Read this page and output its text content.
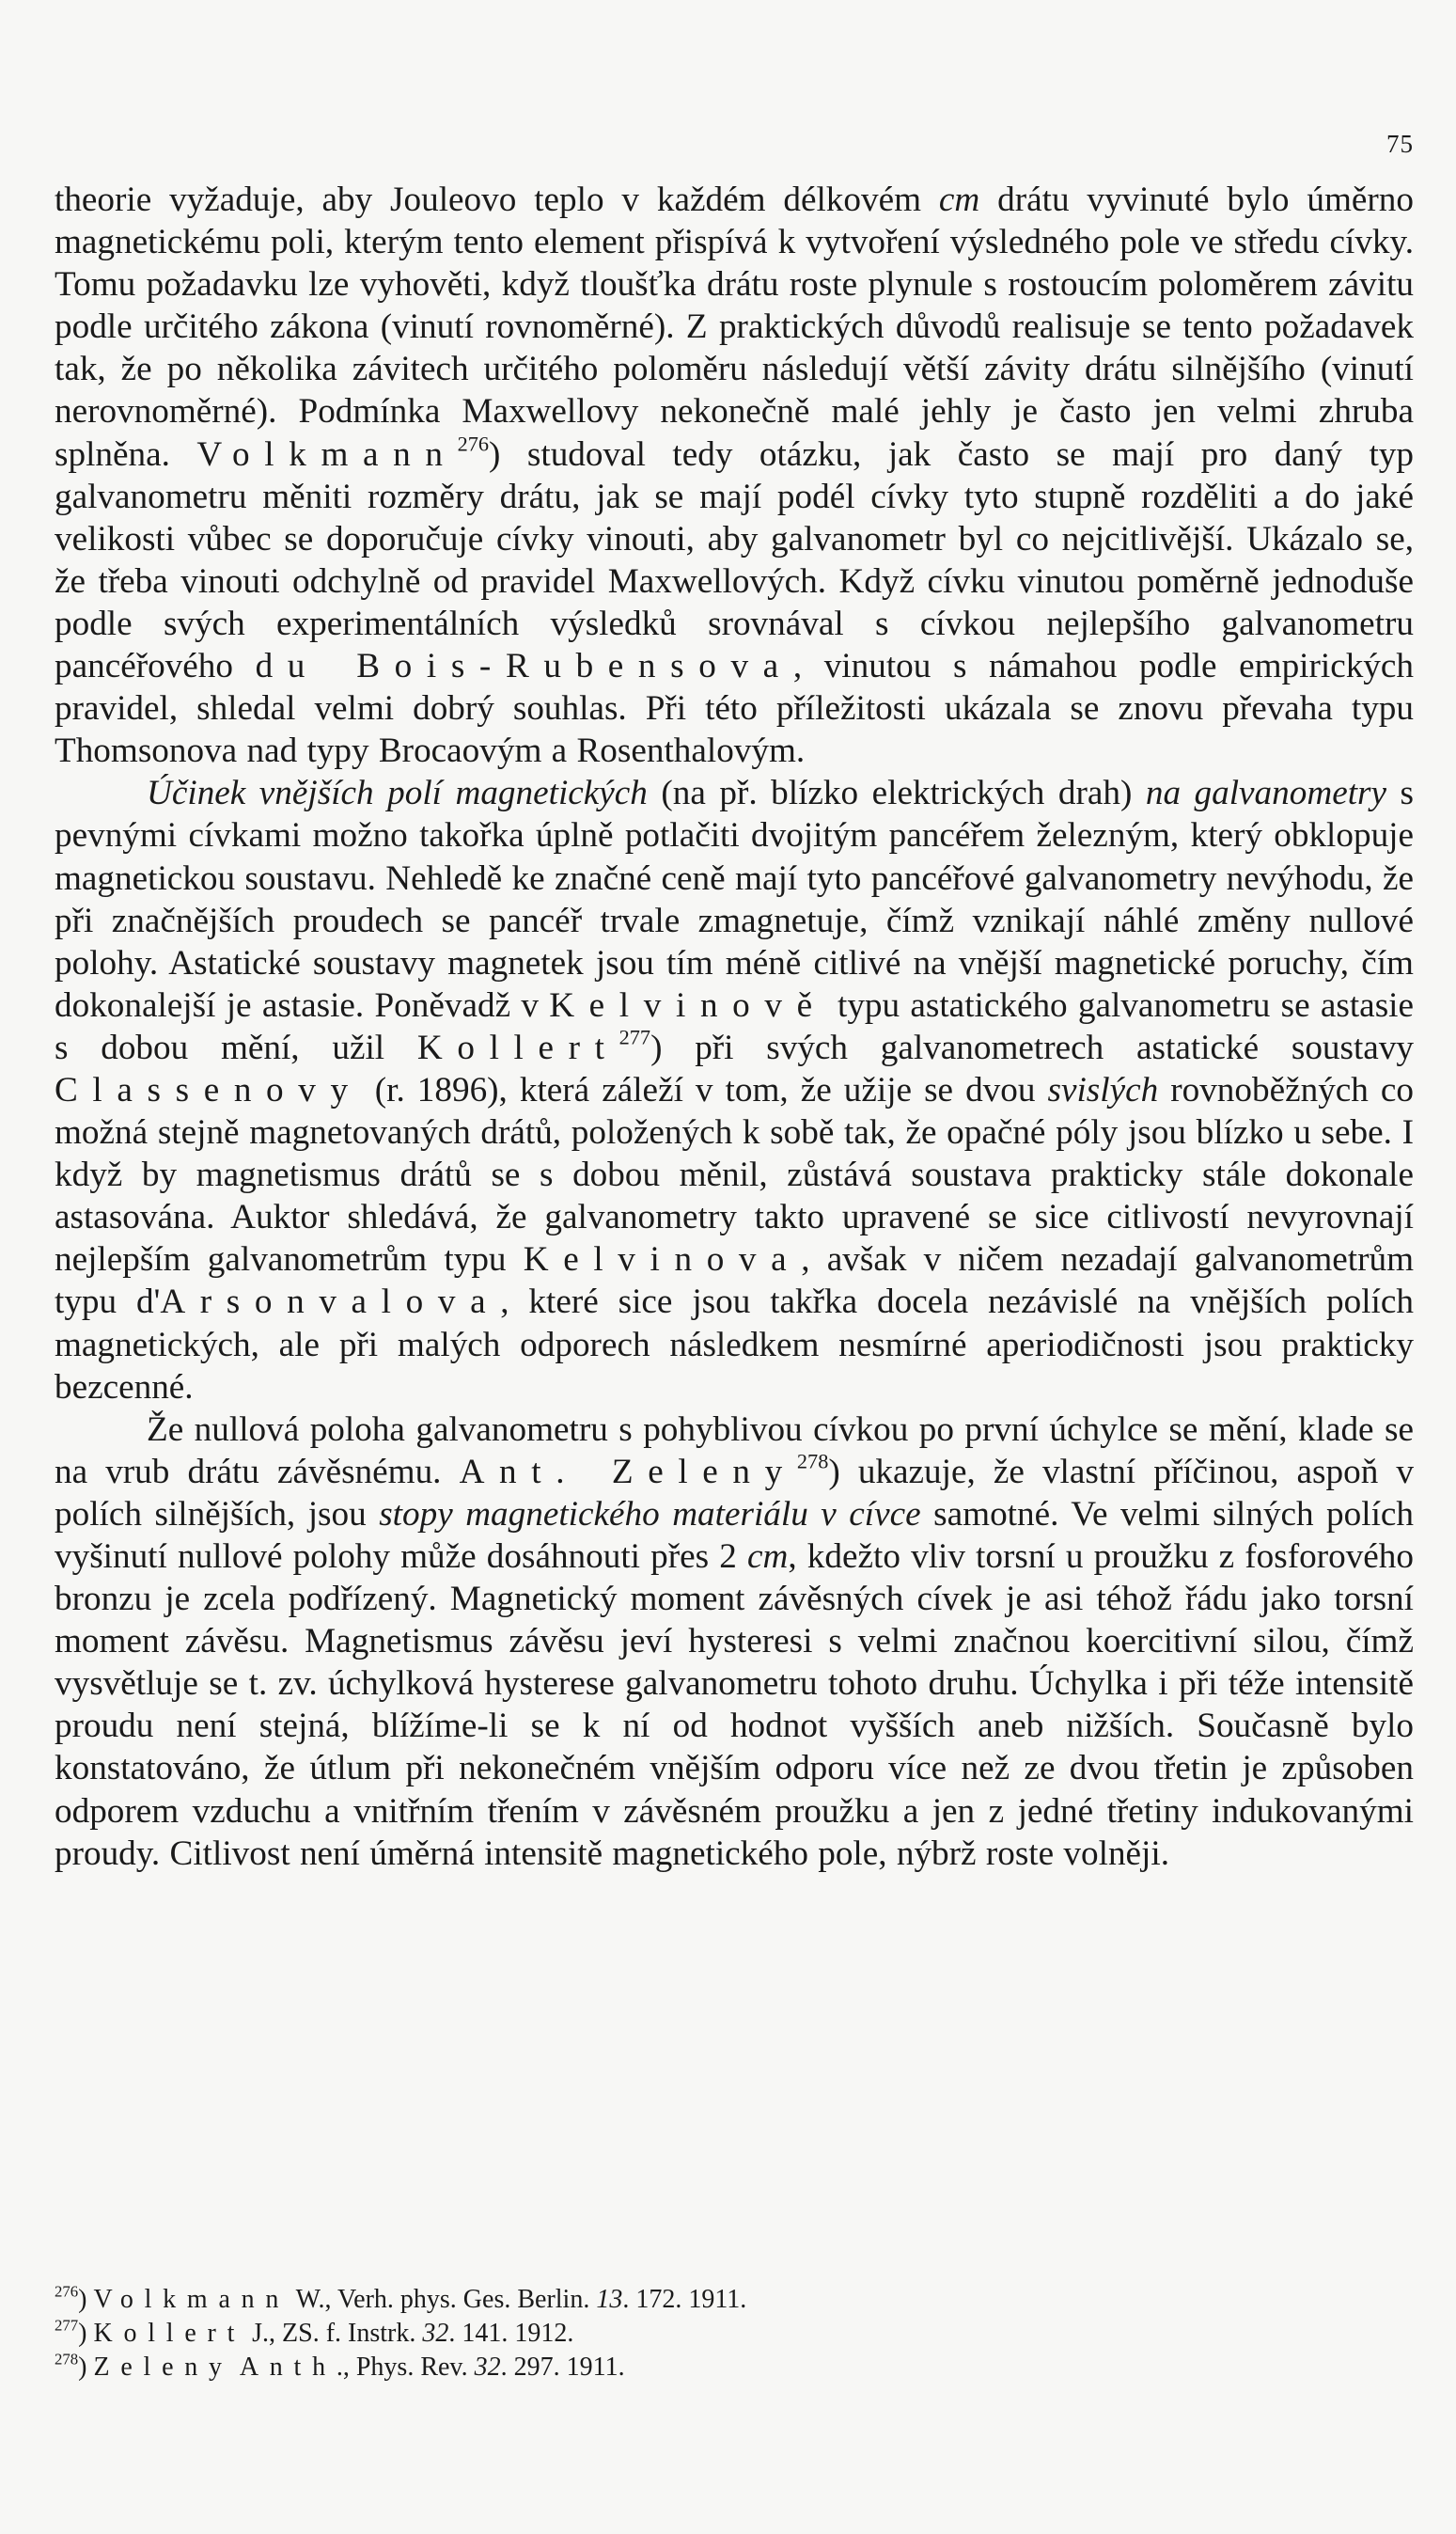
75

theorie vyžaduje, aby Jouleovo teplo v každém délkovém cm drátu vyvinuté bylo úměrno magnetickému poli, kterým tento element přispívá k vytvoření výsledného pole ve středu cívky. Tomu požadavku lze vyhověti, když tloušťka drátu roste plynule s rostoucím poloměrem závitu podle určitého zákona (vinutí rovnoměrné). Z praktických důvodů realisuje se tento požadavek tak, že po několika závitech určitého poloměru následují větší závity drátu silnějšího (vinutí nerovnoměrné). Podmínka Maxwellovy nekonečně malé jehly je často jen velmi zhruba splněna. Volkmann$^{276}$) studoval tedy otázku, jak často se mají pro daný typ galvanometru měniti rozměry drátu, jak se mají podél cívky tyto stupně rozděliti a do jaké velikosti vůbec se doporučuje cívky vinouti, aby galvanometr byl co nejcitlivější. Ukázalo se, že třeba vinouti odchylně od pravidel Maxwellových. Když cívku vinutou poměrně jednoduše podle svých experimentálních výsledků srovnával s cívkou nejlepšího galvanometru pancéřového du Bois-Rubensova, vinutou s námahou podle empirických pravidel, shledal velmi dobrý souhlas. Při této příležitosti ukázala se znovu převaha typu Thomsonova nad typy Brocaovým a Rosenthalovým.

Účinek vnějších polí magnetických (na př. blízko elektrických drah) na galvanometry s pevnými cívkami možno takořka úplně potlačiti dvojitým pancéřem železným, který obklopuje magnetickou soustavu. Nehledě ke značné ceně mají tyto pancéřové galvanometry nevýhodu, že při značnějších proudech se pancéř trvale zmagnetuje, čímž vznikají náhlé změny nullové polohy. Astatické soustavy magnetek jsou tím méně citlivé na vnější magnetické poruchy, čím dokonalejší je astasie. Poněvadž v Kelvinově typu astatického galvanometru se astasie s dobou mění, užil Kollert$^{277}$) při svých galvanometrech astatické soustavy Classenovy (r. 1896), která záleží v tom, že užije se dvou svislých rovnoběžných co možná stejně magnetovaných drátů, položených k sobě tak, že opačné póly jsou blízko u sebe. I když by magnetismus drátů se s dobou měnil, zůstává soustava prakticky stále dokonale astasována. Auktor shledává, že galvanometry takto upravené se sice citlivostí nevyrovnají nejlepším galvanometrům typu Kelvinova, avšak v ničem nezadají galvanometrům typu d'Arsonvalova, které sice jsou takřka docela nezávislé na vnějších polích magnetických, ale při malých odporech následkem nesmírné aperiodičnosti jsou prakticky bezcenné.

Že nullová poloha galvanometru s pohyblivou cívkou po první úchylce se mění, klade se na vrub drátu závěsnému. Ant. Zeleny$^{278}$) ukazuje, že vlastní příčinou, aspoň v polích silnějších, jsou stopy magnetického materiálu v cívce samotné. Ve velmi silných polích vyšinutí nullové polohy může dosáhnouti přes 2 cm, kdežto vliv torsní u proužku z fosforového bronzu je zcela podřízený. Magnetický moment závěsných cívek je asi téhož řádu jako torsní moment závěsu. Magnetismus závěsu jeví hysteresi s velmi značnou koercitivní silou, čímž vysvětluje se t. zv. úchylková hysterese galvanometru tohoto druhu. Úchylka i při téže intensitě proudu není stejná, blížíme-li se k ní od hodnot vyšších aneb nižších. Současně bylo konstatováno, že útlum při nekonečném vnějším odporu více než ze dvou třetin je způsoben odporem vzduchu a vnitřním třením v závěsném proužku a jen z jedné třetiny indukovanými proudy. Citlivost není úměrná intensitě magnetického pole, nýbrž roste volněji.

$^{276}$) Volkmann W., Verh. phys. Ges. Berlin. 13. 172. 1911.
$^{277}$) Kollert J., ZS. f. Instrk. 32. 141. 1912.
$^{278}$) Zeleny Anth., Phys. Rev. 32. 297. 1911.
